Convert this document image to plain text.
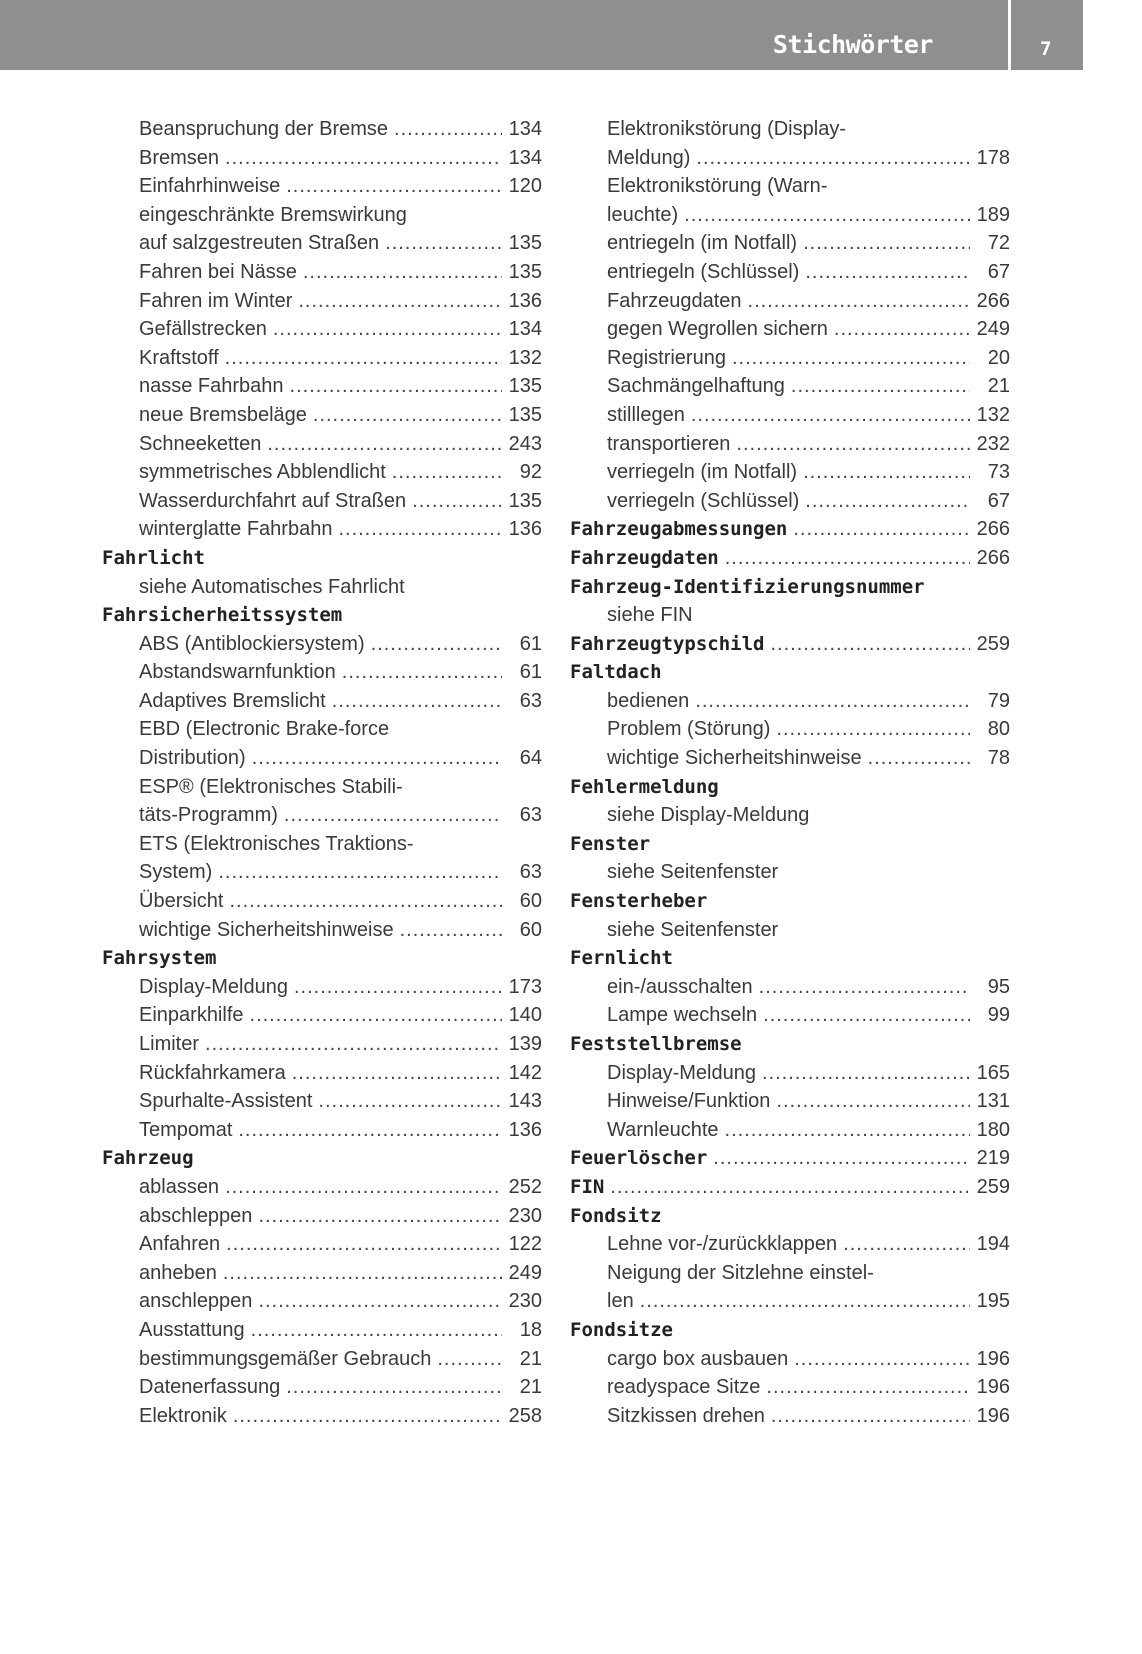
Stichwörter	7
Beanspruchung der Bremse .....	134
Bremsen .....	134
Einfahrhinweise .....	120
eingeschränkte Bremswirkung
auf salzgestreuten Straßen .....	135
Fahren bei Nässe .....	135
Fahren im Winter .....	136
Gefällstrecken .....	134
Kraftstoff .....	132
nasse Fahrbahn .....	135
neue Bremsbeläge .....	135
Schneeketten .....	243
symmetrisches Abblendlicht .....	92
Wasserdurchfahrt auf Straßen .....	135
winterglatte Fahrbahn .....	136
Fahrlicht
siehe Automatisches Fahrlicht
Fahrsicherheitssystem
ABS (Antiblockiersystem) .....	61
Abstandswarnfunktion .....	61
Adaptives Bremslicht .....	63
EBD (Electronic Brake-force
Distribution) .....	64
ESP® (Elektronisches Stabili-
täts-Programm) .....	63
ETS (Elektronisches Traktions-
System) .....	63
Übersicht .....	60
wichtige Sicherheitshinweise .....	60
Fahrsystem
Display-Meldung .....	173
Einparkhilfe .....	140
Limiter .....	139
Rückfahrkamera .....	142
Spurhalte-Assistent .....	143
Tempomat .....	136
Fahrzeug
ablassen .....	252
abschleppen .....	230
Anfahren .....	122
anheben .....	249
anschleppen .....	230
Ausstattung .....	18
bestimmungsgemäßer Gebrauch .....	21
Datenerfassung .....	21
Elektronik .....	258
Elektronikstörung (Display-
Meldung) .....	178
Elektronikstörung (Warn-
leuchte) .....	189
entriegeln (im Notfall) .....	72
entriegeln (Schlüssel) .....	67
Fahrzeugdaten .....	266
gegen Wegrollen sichern .....	249
Registrierung .....	20
Sachmängelhaftung .....	21
stilllegen .....	132
transportieren .....	232
verriegeln (im Notfall) .....	73
verriegeln (Schlüssel) .....	67
Fahrzeugabmessungen .....	266
Fahrzeugdaten .....	266
Fahrzeug-Identifizierungsnummer
siehe FIN
Fahrzeugtypschild .....	259
Faltdach
bedienen .....	79
Problem (Störung) .....	80
wichtige Sicherheitshinweise .....	78
Fehlermeldung
siehe Display-Meldung
Fenster
siehe Seitenfenster
Fensterheber
siehe Seitenfenster
Fernlicht
ein-/ausschalten .....	95
Lampe wechseln .....	99
Feststellbremse
Display-Meldung .....	165
Hinweise/Funktion .....	131
Warnleuchte .....	180
Feuerlöscher .....	219
FIN .....	259
Fondsitz
Lehne vor-/zurückklappen .....	194
Neigung der Sitzlehne einstel-
len .....	195
Fondsitze
cargo box ausbauen .....	196
readyspace Sitze .....	196
Sitzkissen drehen .....	196
